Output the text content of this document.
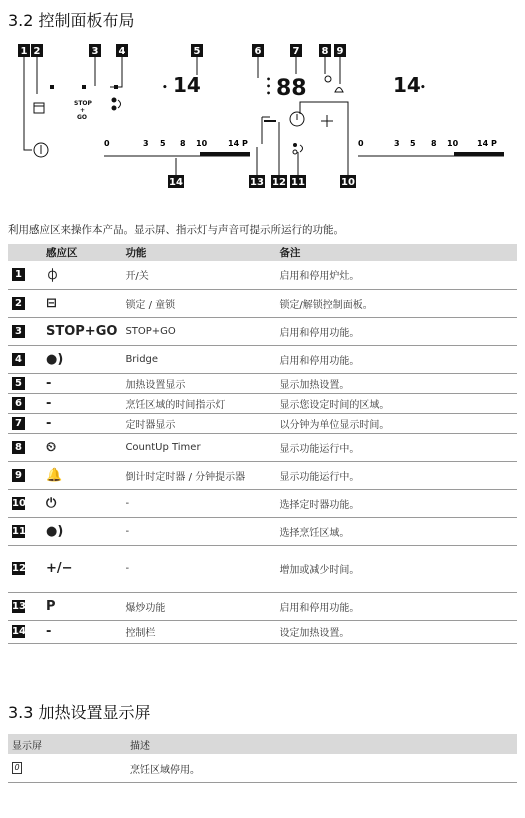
3.2 控制面板布局
1 2	3 4	5	6	7 8 9
10
11
12
13
14
• 14	•
•
• 88	14 •
STOP
+
GO
0	3 5 8 10	14 P	0	3 5 8 10 14 P
利用感应区来操作本产品。显示屏、指示灯与声音可提示所运行的功能。
	感应区	功能	备注
1	⏀	开/关	启用和停用炉灶。
2	⊟	锁定 / 童锁	锁定/解锁控制面板。
3	STOP+GO	STOP+GO	启用和停用功能。
4	●)	Bridge	启用和停用功能。
5	-	加热设置显示	显示加热设置。
6	-	烹饪区域的时间指示灯	显示您设定时间的区域。
7	-	定时器显示	以分钟为单位显示时间。
8	⏲	CountUp Timer	显示功能运行中。
9	🔔	倒计时定时器 / 分钟提示器	显示功能运行中。
10	⏻	-	选择定时器功能。
11	●)	-	选择烹饪区域。
12	+/−	-	增加或减少时间。
13	P	爆炒功能	启用和停用功能。
14	-	控制栏	设定加热设置。
3.3 加热设置显示屏
显示屏	描述
0	烹饪区域停用。
